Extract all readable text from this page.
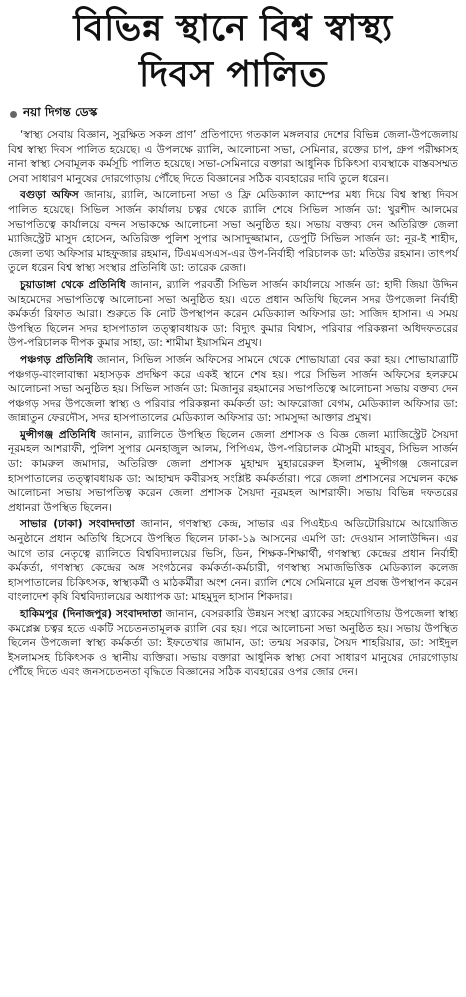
বিভিন্ন স্থানে বিশ্ব স্বাস্থ্য
দিবস পালিত
নয়া দিগন্ত ডেস্ক

‘স্বাস্থ্য সেবায় বিজ্ঞান, সুরক্ষিত সকল প্রাণ’ প্রতিপাদ্যে গতকাল মঙ্গলবার দেশের বিভিন্ন জেলা-উপজেলায় বিশ্ব স্বাস্থ্য দিবস পালিত হয়েছে। এ উপলক্ষে র‌্যালি, আলোচনা সভা, সেমিনার, রক্তের চাপ, গ্রুপ পরীক্ষাসহ নানা স্বাস্থ্য সেবামূলক কর্মসূচি পালিত হয়েছে। সভা-সেমিনারে বক্তারা আধুনিক চিকিৎসা ব্যবস্থাকে বাস্তবসম্মত সেবা সাধারণ মানুষের দোরগোড়ায় পৌঁছে দিতে বিজ্ঞানের সঠিক ব্যবহারের দাবি তুলে ধরেন।

বগুড়া অফিস জানায়, র‌্যালি, আলোচনা সভা ও ফ্রি মেডিক্যাল ক্যাম্পের মধ্য দিয়ে বিশ্ব স্বাস্থ্য দিবস পালিত হয়েছে। সিভিল সার্জন কার্যালয় চত্বর থেকে র‌্যালি শেষে সিভিল সার্জন ডা: খুরশীদ আলমের সভাপতিত্বে কার্যালয়ে বন্দন সভাকক্ষে আলোচনা সভা অনুষ্ঠিত হয়। সভায় বক্তব্য দেন অতিরিক্ত জেলা ম্যাজিস্ট্রেট মাসুদ হোসেন, অতিরিক্ত পুলিশ সুপার আসাদুজ্জামান, ডেপুটি সিভিল সার্জন ডা: নূর-ই শাহীদ, জেলা তথ্য অফিসার মাহফুজার রহমান, টিএমএসএস-এর উপ-নির্বাহী পরিচালক ডা: মতিউর রহমান। তাৎপর্য তুলে ধরেন বিশ্ব স্বাস্থ্য সংস্থার প্রতিনিধি ডা: তারেক রেজা।

চুয়াডাঙ্গা থেকে প্রতিনিধি জানান, র‌্যালি পরবর্তী সিভিল সার্জন কার্যালয়ে সার্জন ডা: হাদী জিয়া উদ্দিন আহমেদের সভাপতিত্বে আলোচনা সভা অনুষ্ঠিত হয়। এতে প্রধান অতিথি ছিলেন সদর উপজেলা নির্বাহী কর্মকর্তা রিফাত আরা। শুরুতে কি নোট উপস্থাপন করেন মেডিক্যাল অফিসার ডা: সাজিদ হাসান। এ সময় উপস্থিত ছিলেন সদর হাসপাতাল তত্ত্বাবধায়ক ডা: বিদ্যুৎ কুমার বিশ্বাস, পরিবার পরিকল্পনা অধিদফতরের উপ-পরিচালক দীপক কুমার সাহা, ডা: শামীমা ইয়াসমিন প্রমুখ।

পঞ্চগড় প্রতিনিধি জানান, সিভিল সার্জন অফিসের সামনে থেকে শোভাযাত্রা বের করা হয়। শোভাযাত্রাটি পঞ্চগড়-বাংলাবান্ধা মহাসড়ক প্রদক্ষিণ করে একই স্থানে শেষ হয়। পরে সিভিল সার্জন অফিসের হলরুমে আলোচনা সভা অনুষ্ঠিত হয়। সিভিল সার্জন ডা: মিজানুর রহমানের সভাপতিত্বে আলোচনা সভায় বক্তব্য দেন পঞ্চগড় সদর উপজেলা স্বাস্থ্য ও পরিবার পরিকল্পনা কর্মকর্তা ডা: আফরোজা বেগম, মেডিক্যাল অফিসার ডা: জান্নাতুন ফেরদৌস, সদর হাসপাতালের মেডিক্যাল অফিসার ডা: সামসুদ্দা আক্তার প্রমুখ।

মুন্সীগঞ্জ প্রতিনিধি জানান, র‌্যালিতে উপস্থিত ছিলেন জেলা প্রশাসক ও বিজ্ঞ জেলা ম্যাজিস্ট্রেট সৈয়দা নূরমহল আশরাফী, পুলিশ সুপার মেনহাজুল আলম, পিপিএম, উপ-পরিচালক মৌসুমী মাহবুব, সিভিল সার্জন ডা: কামরুল জমাদার, অতিরিক্ত জেলা প্রশাসক মুহাম্মদ মুহাররেরুল ইসলাম, মুন্সীগঞ্জ জেনারেল হাসপাতালের তত্ত্বাবধায়ক ডা: আহাম্মদ কবীরসহ সংশ্লিষ্ট কর্মকর্তারা। পরে জেলা প্রশাসনের সম্মেলন কক্ষে আলোচনা সভায় সভাপতিত্ব করেন জেলা প্রশাসক সৈয়দা নূরমহল আশরাফী। সভায় বিভিন্ন দফতরের প্রধানরা উপস্থিত ছিলেন।

সাভার (ঢাকা) সংবাদদাতা জানান, গণস্বাস্থ্য কেন্দ্র, সাভার এর পিএইচএ অডিটোরিয়ামে আয়োজিত অনুষ্ঠানে প্রধান অতিথি হিসেবে উপস্থিত ছিলেন ঢাকা-১৯ আসনের এমপি ডা: দেওয়ান সালাউদ্দিন। এর আগে তার নেতৃত্বে র‌্যালিতে বিশ্ববিদ্যালয়ের ভিসি, ডিন, শিক্ষক-শিক্ষার্থী, গণস্বাস্থ্য কেন্দ্রের প্রধান নির্বাহী কর্মকর্তা, গণস্বাস্থ্য কেন্দ্রের অঙ্গ সংগঠনের কর্মকর্তা-কর্মচারী, গণস্বাস্থ্য সমাজভিত্তিক মেডিক্যাল কলেজ হাসপাতালের চিকিৎসক, স্বাস্থ্যকর্মী ও মাঠকর্মীরা অংশ নেন। র‌্যালি শেষে সেমিনারে মূল প্রবন্ধ উপস্থাপন করেন বাংলাদেশ কৃষি বিশ্ববিদ্যালয়ের অধ্যাপক ডা: মাহমুদুল হাসান শিকদার।

হাকিমপুর (দিনাজপুর) সংবাদদাতা জানান, বেসরকারি উন্নয়ন সংস্থা ব্র্যাকের সহযোগিতায় উপজেলা স্বাস্থ্য কমপ্লেক্স চত্বর হতে একটি সচেতনতামূলক র‌্যালি বের হয়। পরে আলোচনা সভা অনুষ্ঠিত হয়। সভায় উপস্থিত ছিলেন উপজেলা স্বাস্থ্য কর্মকর্তা ডা: ইফতেখার জামান, ডা: তন্ময় সরকার, সৈয়দ শাহরিয়ার, ডা: সাইদুল ইসলামসহ চিকিৎসক ও স্থানীয় ব্যক্তিরা। সভায় বক্তারা আধুনিক স্বাস্থ্য সেবা সাধারণ মানুষের দোরগোড়ায় পৌঁছে দিতে এবং জনসচেতনতা বৃদ্ধিতে বিজ্ঞানের সঠিক ব্যবহারের ওপর জোর দেন।
